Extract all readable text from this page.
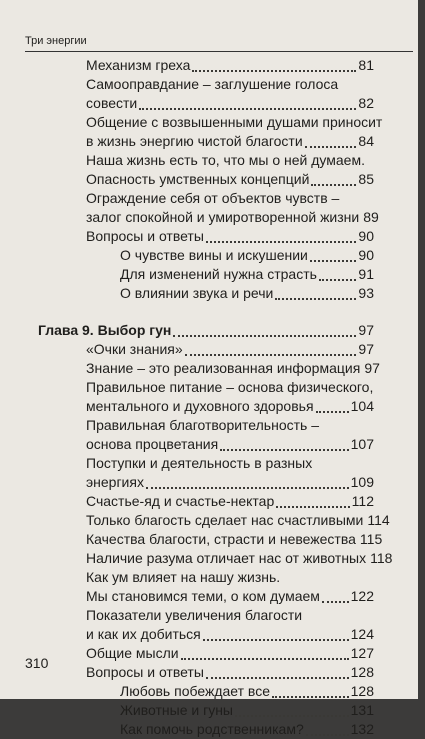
Три энергии
Механизм греха	81
Самооправдание – заглушение голоса
совести	82
Общение с возвышенными душами приносит
в жизнь энергию чистой благости	84
Наша жизнь есть то, что мы о ней думаем.
Опасность умственных концепций	85
Ограждение себя от объектов чувств –
залог спокойной и умиротворенной жизни 89
Вопросы и ответы	90
О чувстве вины и искушении	90
Для изменений нужна страсть	91
О влиянии звука и речи	93
Глава 9. Выбор гун	97
«Очки знания»	97
Знание – это реализованная информация 97
Правильное питание – основа физического,
ментального и духовного здоровья	104
Правильная благотворительность –
основа процветания	107
Поступки и деятельность в разных
энергиях	109
Счастье-яд и счастье-нектар	112
Только благость сделает нас счастливыми 114
Качества благости, страсти и невежества 115
Наличие разума отличает нас от животных 118
Как ум влияет на нашу жизнь.
Мы становимся теми, о ком думаем 122
Показатели увеличения благости
и как их добиться	124
Общие мысли	127
Вопросы и ответы	128
Любовь побеждает все	128
Животные и гуны	131
Как помочь родственникам?	132
310
